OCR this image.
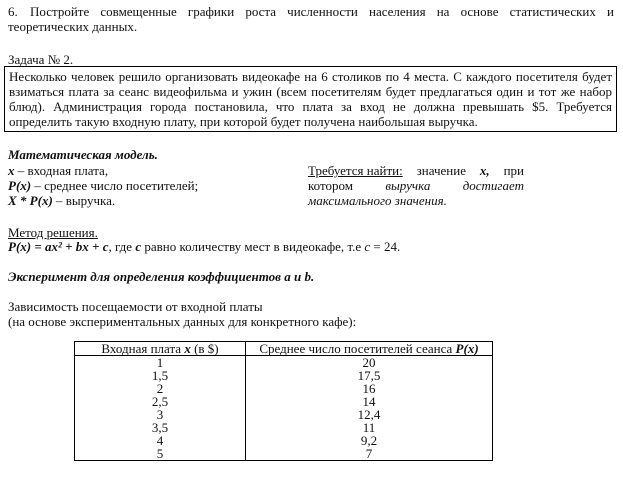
6. Постройте совмещенные графики роста численности населения на основе статистических и теоретических данных.
Задача № 2.
Несколько человек решило организовать видеокафе на 6 столиков по 4 места. С каждого посетителя будет взиматься плата за сеанс видеофильма и ужин (всем посетителям будет предлагаться один и тот же набор блюд). Администрация города постановила, что плата за вход не должна превышать $5. Требуется определить такую входную плату, при которой будет получена наибольшая выручка.
Математическая модель.
x – входная плата,
P(x) – среднее число посетителей;
X * P(x) – выручка.
Требуется найти: значение x, при
котором выручка достигает
максимального значения.
Метод решения.
P(x) = ax² + bx + c, где c равно количеству мест в видеокафе, т.е c = 24.
Эксперимент для определения коэффициентов a и b.
Зависимость посещаемости от входной платы
(на основе экспериментальных данных для конкретного кафе):
Входная плата x (в $)	Среднее число посетителей сеанса P(x)
1	20
1,5	17,5
2	16
2,5	14
3	12,4
3,5	11
4	9,2
5	7
